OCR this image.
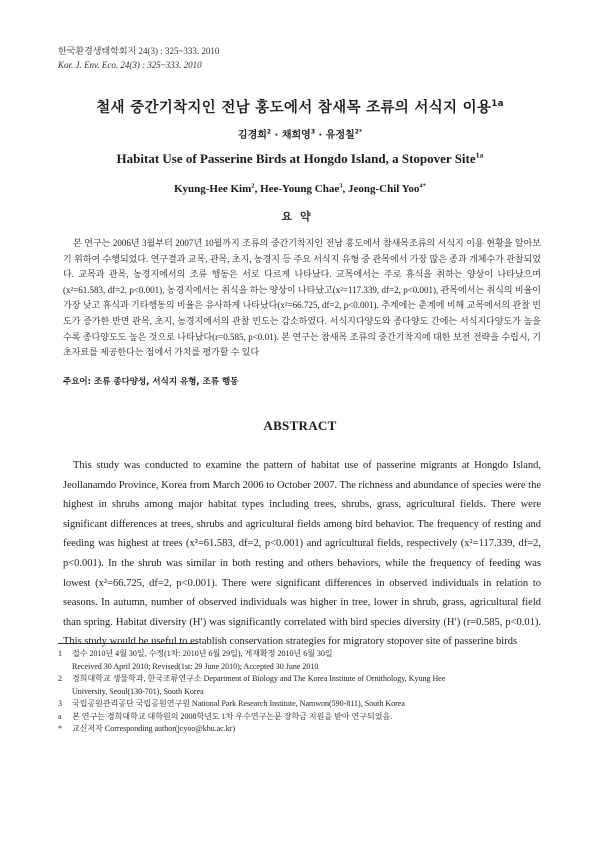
한국환경생태학회지 24(3) : 325~333. 2010
Kor. J. Env. Eco. 24(3) : 325~333. 2010
철새 중간기착지인 전남 홍도에서 참새목 조류의 서식지 이용$^{1a}$
김경희$^2$ · 채희영$^3$ · 유정칠$^{2*}$
Habitat Use of Passerine Birds at Hongdo Island, a Stopover Site$^{1a}$
Kyung-Hee Kim$^2$, Hee-Young Chae$^3$, Jeong-Chil Yoo$^{4*}$
요약

본 연구는 2006년 3월부터 2007년 10월까지 조류의 중간기착지인 전남 홍도에서 참새목조류의 서식지 이용 현황을 알아보기 위하여 수행되었다. 연구결과 교목, 관목, 초지, 농경지 등 주요 서식지 유형 중 관목에서 가장 많은 종과 개체수가 관찰되었다. 교목과 관목, 농경지에서의 조류 행동은 서로 다르게 나타났다. 교목에서는 주로 휴식을 취하는 양상이 나타났으며(x²=61.583, df=2, p<0.001), 농경지에서는 취식을 하는 양상이 나타났고(x²=117.339, df=2, p<0.001), 관목에서는 취식의 비율이 가장 낮고 휴식과 기타행동의 비율은 유사하게 나타났다(x²=66.725, df=2, p<0.001). 추계에는 춘계에 비해 교목에서의 관찰 빈도가 증가한 반면 관목, 초지, 농경지에서의 관찰 빈도는 감소하였다. 서식지다양도와 종다양도 간에는 서식지다양도가 높을수록 종다양도도 높은 것으로 나타났다(r=0.585, p<0.01). 본 연구는 참새목 조류의 중간기착지에 대한 보전 전략을 수립시, 기초자료를 제공한다는 점에서 가치를 평가할 수 있다

주요어: 조류 종다양성, 서식지 유형, 조류 행동
ABSTRACT

This study was conducted to examine the pattern of habitat use of passerine migrants at Hongdo Island, Jeollanamdo Province, Korea from March 2006 to October 2007. The richness and abundance of species were the highest in shrubs among major habitat types including trees, shrubs, grass, agricultural fields. There were significant differences at trees, shrubs and agricultural fields among bird behavior. The frequency of resting and feeding was highest at trees (x²=61.583, df=2, p<0.001) and agricultural fields, respectively (x²=117.339, df=2, p<0.001). In the shrub was similar in both resting and others behaviors, while the frequency of feeding was lowest (x²=66.725, df=2, p<0.001). There were significant differences in observed individuals in relation to seasons. In autumn, number of observed individuals was higher in tree, lower in shrub, grass, agricultural field than spring. Habitat diversity (H′) was significantly correlated with bird species diversity (H′) (r=0.585, p<0.01). This study would be useful to establish conservation strategies for migratory stopover site of passerine birds

1 접수 2010년 4월 30일, 수정(1차: 2010년 6월 29일), 게재확정 2010년 6월 30일
Received 30 April 2010; Revised(1st: 29 June 2010); Accepted 30 June 2010
2 경희대학교 생물학과, 한국조류연구소 Department of Biology and The Korea Institute of Ornithology, Kyung Hee
University, Seoul(130-701), South Korea
3 국립공원관리공단 국립공원연구원 National Park Research Institute, Namwon(590-811), South Korea
a 본 연구는 경희대학교 대학원의 2008학년도 1차 우수연구논문 장학금 지원을 받아 연구되었음.
* 교신저자 Corresponding author(jcyoo@khu.ac.kr)
